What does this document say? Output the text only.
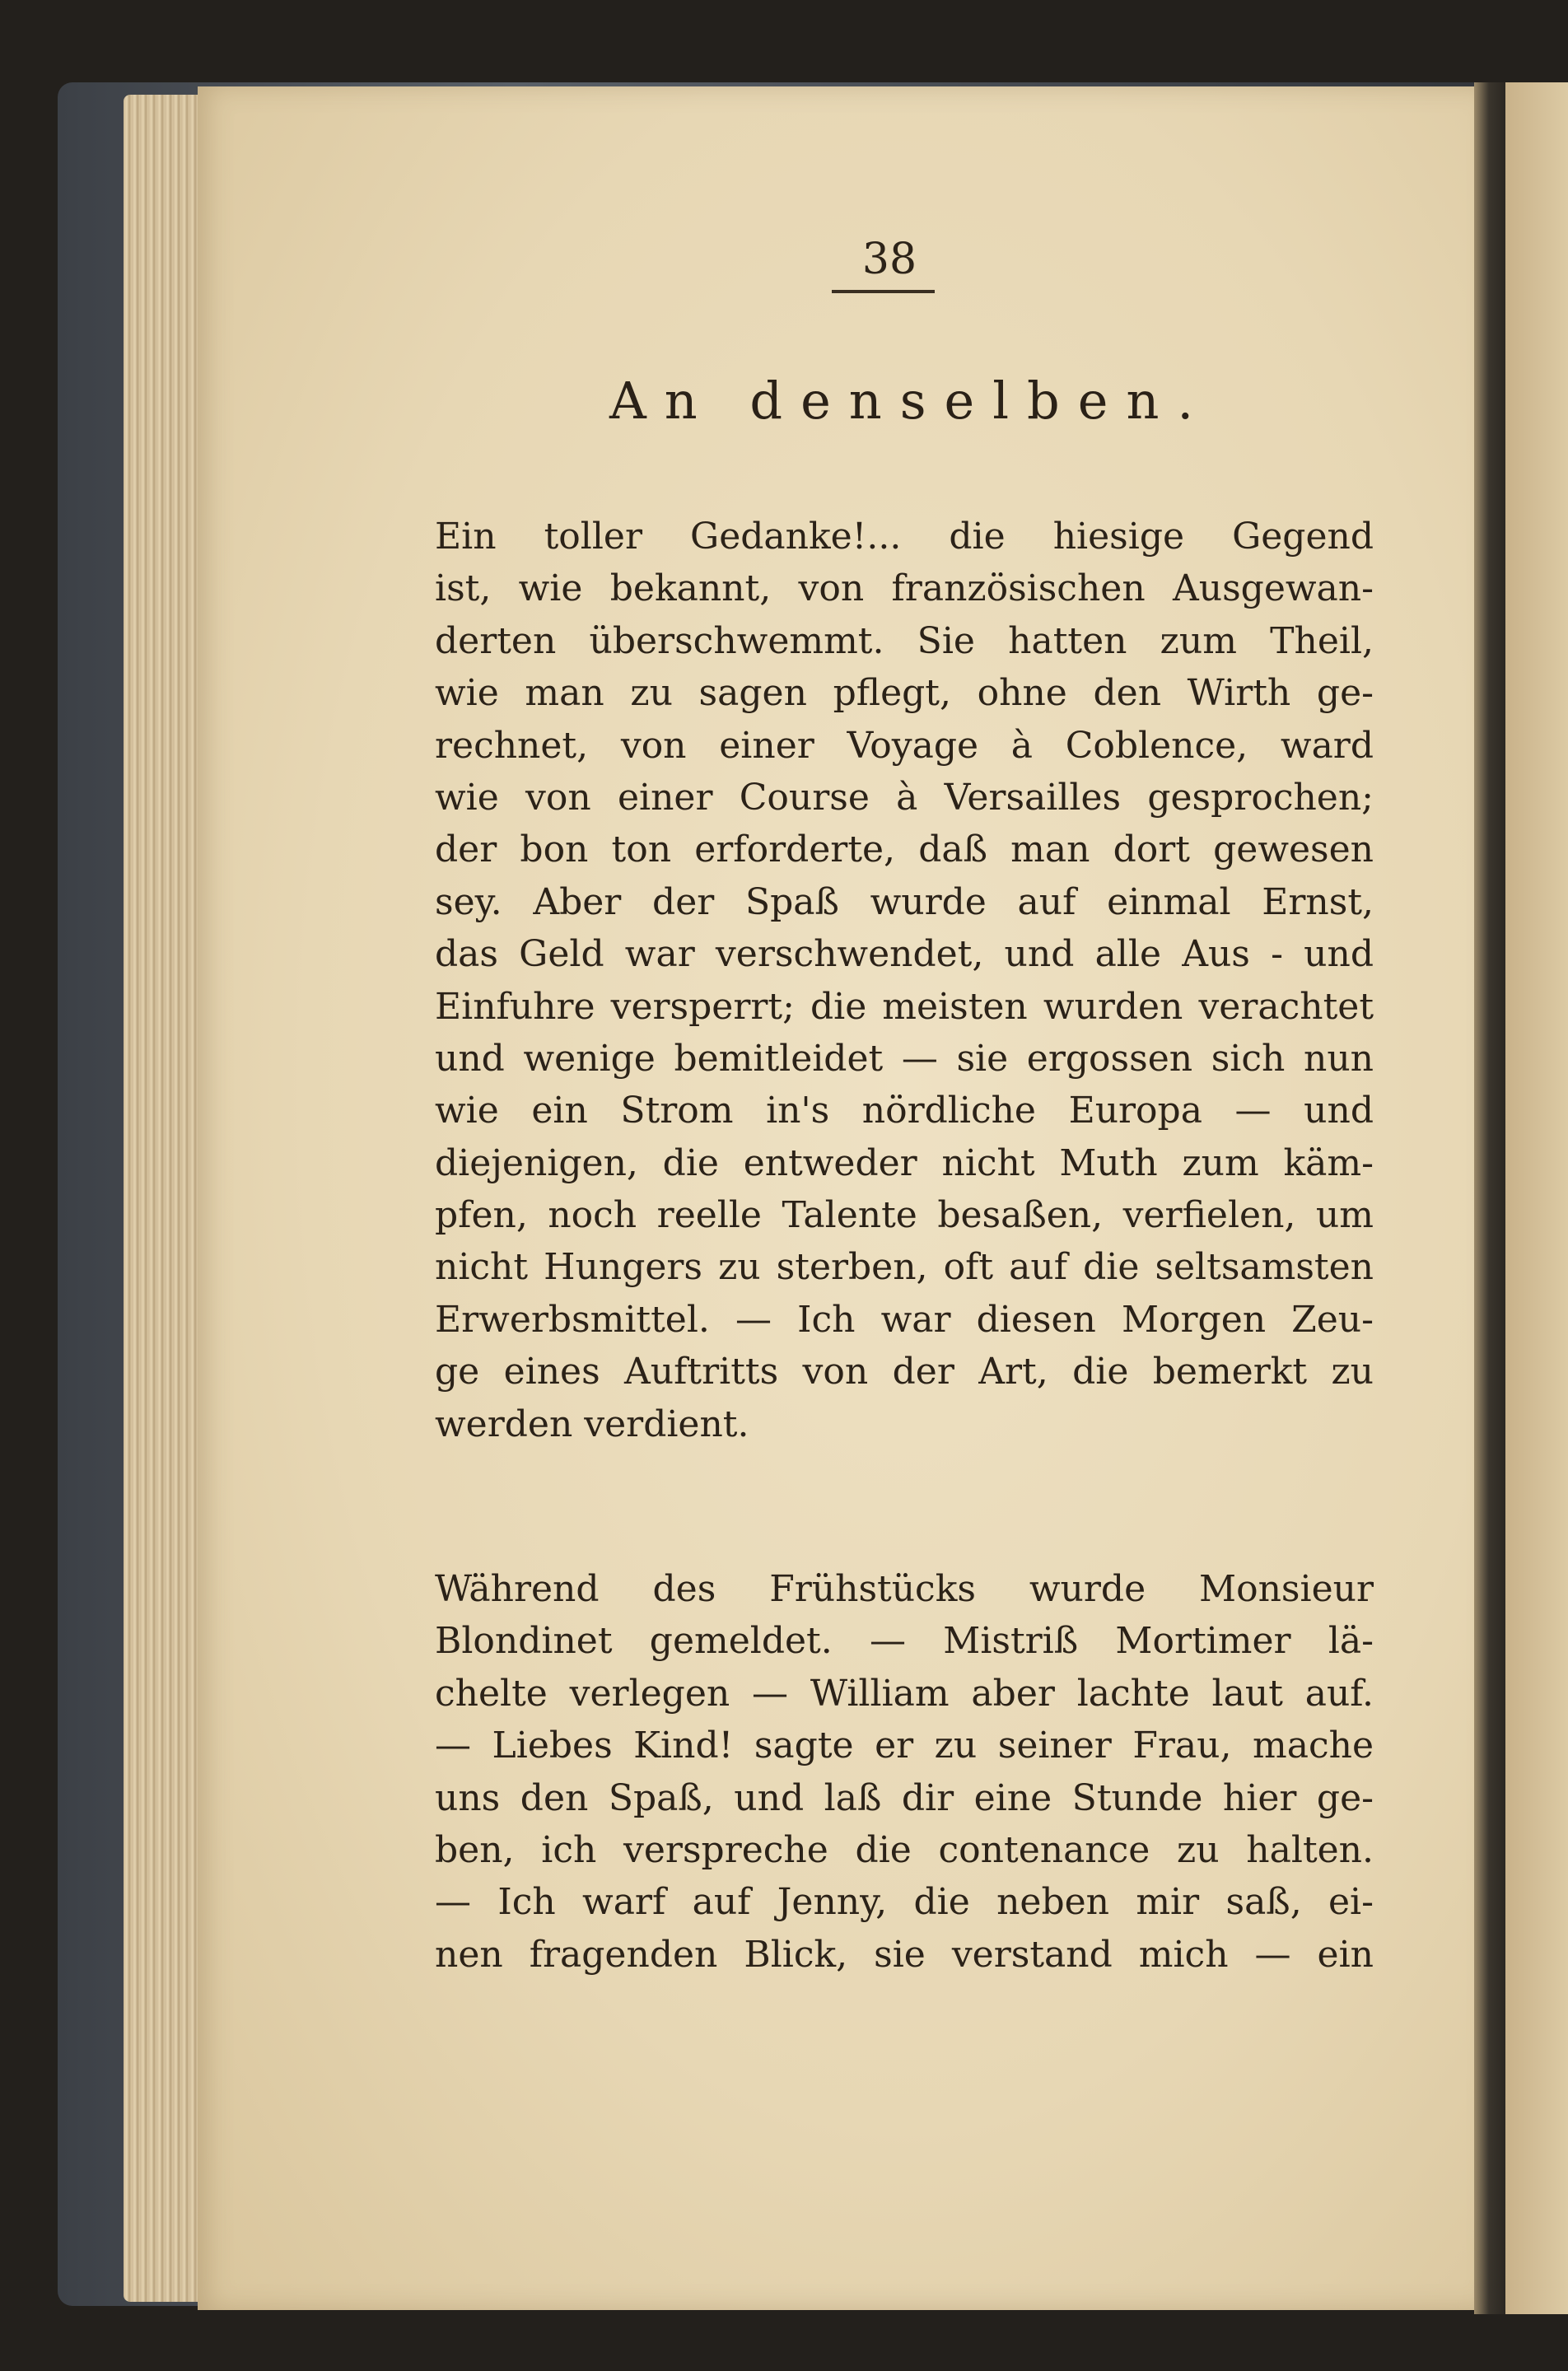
38
An denselben.
Ein toller Gedanke!... die hiesige Gegend
ist, wie bekannt, von französischen Ausgewan-
derten überschwemmt. Sie hatten zum Theil,
wie man zu sagen pflegt, ohne den Wirth ge-
rechnet, von einer Voyage à Coblence, ward
wie von einer Course à Versailles gesprochen;
der bon ton erforderte, daß man dort gewesen
sey. Aber der Spaß wurde auf einmal Ernst,
das Geld war verschwendet, und alle Aus - und
Einfuhre versperrt; die meisten wurden verachtet
und wenige bemitleidet — sie ergossen sich nun
wie ein Strom in's nördliche Europa — und
diejenigen, die entweder nicht Muth zum käm-
pfen, noch reelle Talente besaßen, verfielen, um
nicht Hungers zu sterben, oft auf die seltsamsten
Erwerbsmittel. — Ich war diesen Morgen Zeu-
ge eines Auftritts von der Art, die bemerkt zu
werden verdient.
Während des Frühstücks wurde Monsieur
Blondinet gemeldet. — Mistriß Mortimer lä-
chelte verlegen — William aber lachte laut auf.
— Liebes Kind! sagte er zu seiner Frau, mache
uns den Spaß, und laß dir eine Stunde hier ge-
ben, ich verspreche die contenance zu halten.
— Ich warf auf Jenny, die neben mir saß, ei-
nen fragenden Blick, sie verstand mich — ein
